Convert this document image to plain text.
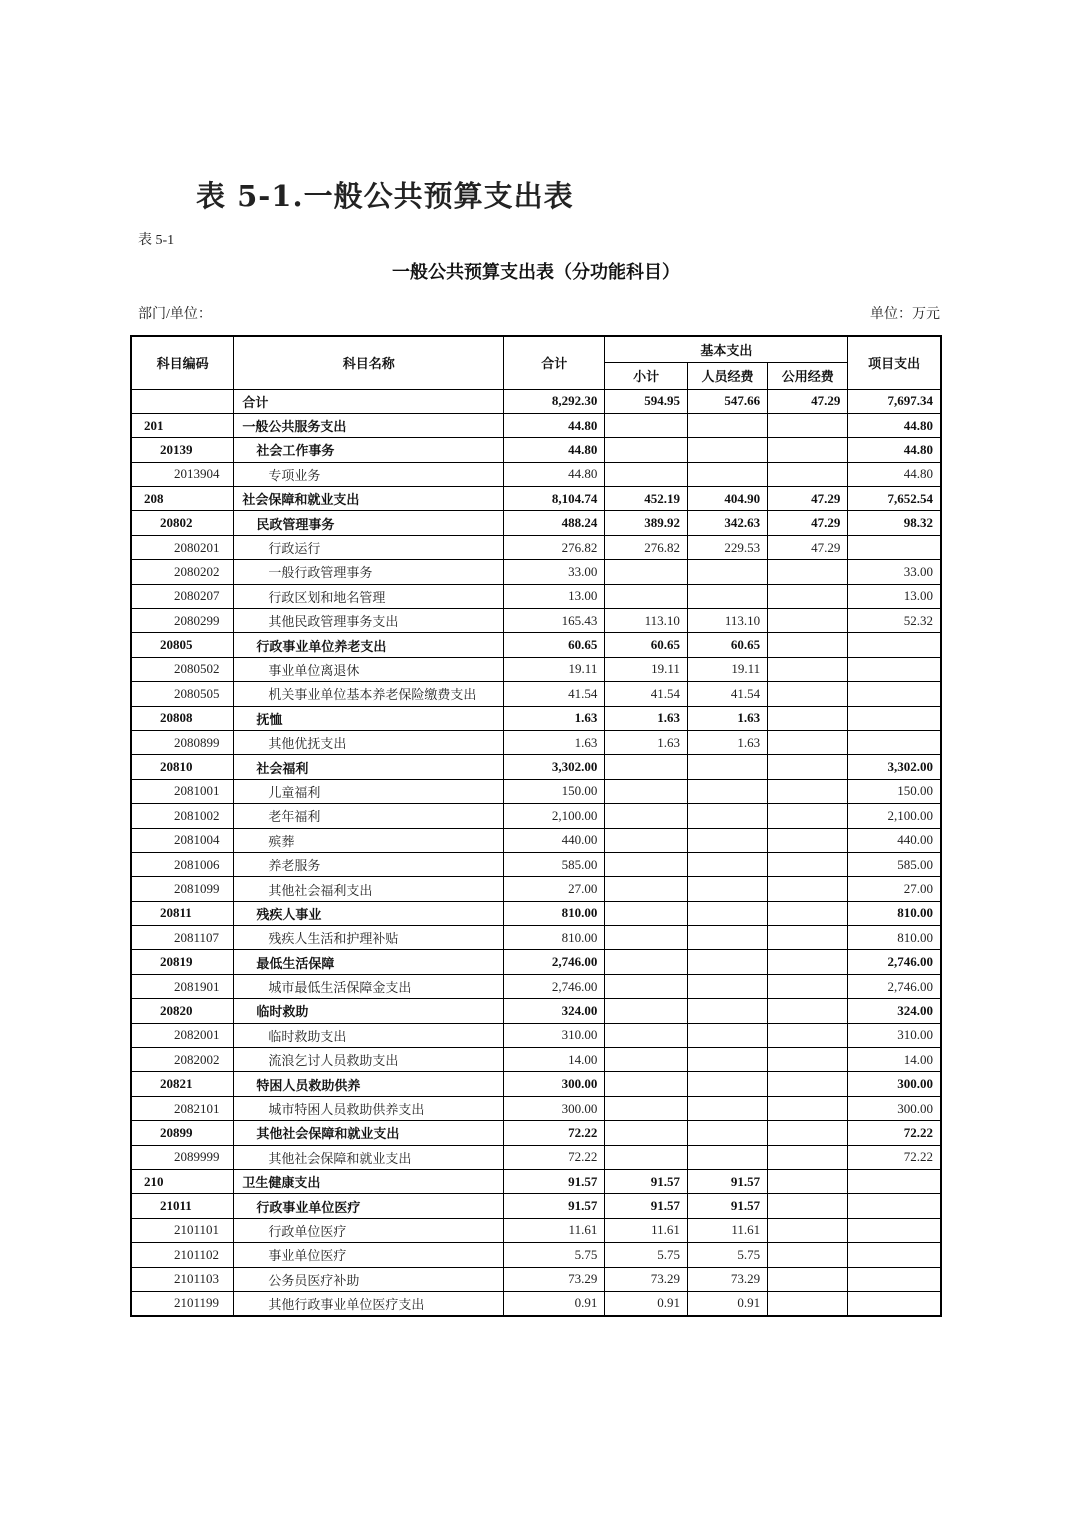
表 5-1.一般公共预算支出表
表 5-1
一般公共预算支出表（分功能科目）
部门/单位：	单位：万元
科目编码	科目名称	合计	基本支出			项目支出
			小计	人员经费	公用经费	
	合计	8,292.30	594.95	547.66	47.29	7,697.34
201	一般公共服务支出	44.80				44.80
20139	社会工作事务	44.80				44.80
2013904	专项业务	44.80				44.80
208	社会保障和就业支出	8,104.74	452.19	404.90	47.29	7,652.54
20802	民政管理事务	488.24	389.92	342.63	47.29	98.32
2080201	行政运行	276.82	276.82	229.53	47.29	
2080202	一般行政管理事务	33.00				33.00
2080207	行政区划和地名管理	13.00				13.00
2080299	其他民政管理事务支出	165.43	113.10	113.10		52.32
20805	行政事业单位养老支出	60.65	60.65	60.65		
2080502	事业单位离退休	19.11	19.11	19.11		
2080505	机关事业单位基本养老保险缴费支出	41.54	41.54	41.54		
20808	抚恤	1.63	1.63	1.63		
2080899	其他优抚支出	1.63	1.63	1.63		
20810	社会福利	3,302.00				3,302.00
2081001	儿童福利	150.00				150.00
2081002	老年福利	2,100.00				2,100.00
2081004	殡葬	440.00				440.00
2081006	养老服务	585.00				585.00
2081099	其他社会福利支出	27.00				27.00
20811	残疾人事业	810.00				810.00
2081107	残疾人生活和护理补贴	810.00				810.00
20819	最低生活保障	2,746.00				2,746.00
2081901	城市最低生活保障金支出	2,746.00				2,746.00
20820	临时救助	324.00				324.00
2082001	临时救助支出	310.00				310.00
2082002	流浪乞讨人员救助支出	14.00				14.00
20821	特困人员救助供养	300.00				300.00
2082101	城市特困人员救助供养支出	300.00				300.00
20899	其他社会保障和就业支出	72.22				72.22
2089999	其他社会保障和就业支出	72.22				72.22
210	卫生健康支出	91.57	91.57	91.57		
21011	行政事业单位医疗	91.57	91.57	91.57		
2101101	行政单位医疗	11.61	11.61	11.61		
2101102	事业单位医疗	5.75	5.75	5.75		
2101103	公务员医疗补助	73.29	73.29	73.29		
2101199	其他行政事业单位医疗支出	0.91	0.91	0.91		
